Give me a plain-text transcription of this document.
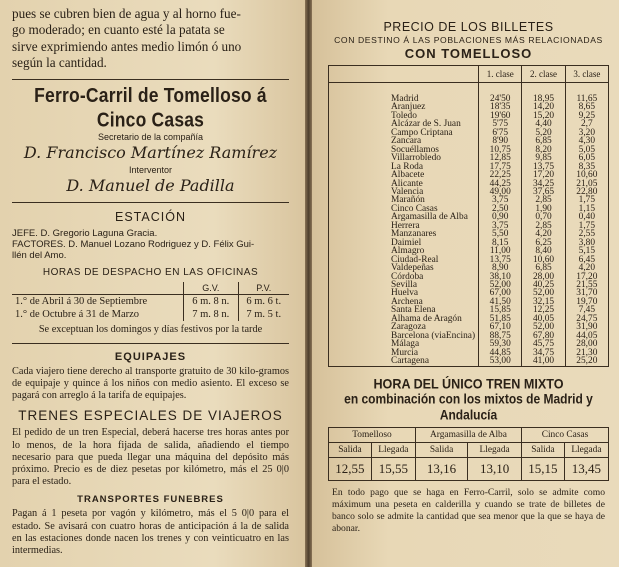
pues se cubren bien de agua y al horno fue-

go moderado; en cuanto esté la patata se

sirve exprimiendo antes medio limón ó uno

según la cantidad.

Ferro-Carril de Tomelloso á Cinco Casas

Secretario de la compañía

D. Francisco Martínez Ramírez

Interventor

D. Manuel de Padilla

ESTACIÓN

JEFE. D. Gregorio Laguna Gracia.

FACTORES. D. Manuel Lozano Rodriguez y D. Félix Gui-

llén del Amo.

HORAS DE DESPACHO EN LAS OFICINAS
	G.V.	P.V.
1.° de Abril á 30 de Septiembre	6 m. 8 n.	6 m. 6 t.
1.° de Octubre á 31 de Marzo	7 m. 8 n.	7 m. 5 t.

Se exceptuan los domingos y días festivos por la tarde

EQUIPAJES

Cada viajero tiene derecho al transporte gratuito de 30 kilo-gramos de equipaje y quince á los niños con medio asiento. El exceso se pagará con arreglo á la tarifa de equipajes.

TRENES ESPECIALES DE VIAJEROS

El pedido de un tren Especial, deberá hacerse tres horas antes por lo menos, de la hora fijada de salida, añadiendo el tiempo necesario para que pueda llegar una máquina del depósito más próximo. Precio es de diez pesetas por kilómetro, más el 25 0|0 para el estado.

TRANSPORTES FUNEBRES

Pagan á 1 peseta por vagón y kilómetro, más el 5 0|0 para el estado. Se avisará con cuatro horas de anticipación á la de salida en las estaciones donde nacen los trenes y con veinticuatro en las intermedias.

PRECIO DE LOS BILLETES

CON DESTINO Á LAS POBLACIONES MÁS RELACIONADAS

CON TOMELLOSO

	1. clase	2. clase	3. clase

Madrid	24'50	18,95	11,65
Aranjuez	18'35	14,20	8,65
Toledo	19'60	15,20	9,25
Alcázar de S. Juan	5'75	4,40	2,7
Campo Criptana	6'75	5,20	3,20
Zancara	8'90	6,85	4,30
Socuéllamos	10,75	8,20	5,05
Villarrobledo	12,85	9,85	6,05
La Roda	17,75	13,75	8,35
Albacete	22,25	17,20	10,60
Alicante	44,25	34,25	21,05
Valencia	49,00	37,65	22,80
Marañón	3,75	2,85	1,75
Cinco Casas	2,50	1,90	1,15
Argamasilla de Alba	0,90	0,70	0,40
Herrera	3,75	2,85	1,75
Manzanares	5,50	4,20	2,55
Daimiel	8,15	6,25	3,80
Almagro	11,00	8,40	5,15
Ciudad-Real	13,75	10,60	6,45
Valdepeñas	8,90	6,85	4,20
Córdoba	38,10	28,00	17,20
Sevilla	52,00	40,25	21,55
Huelva	67,00	52,00	31,70
Archena	41,50	32,15	19,70
Santa Elena	15,85	12,25	7,45
Alhama de Aragón	51,85	40,05	24,75
Zaragoza	67,10	52,00	31,90
Barcelona (viaEncina)	88,75	67,80	44,05
Málaga	59,30	45,75	28,00
Murcia	44,85	34,75	21,30
Cartagena	53,00	41,00	25,20
HORA DEL ÚNICO TREN MIXTO
en combinación con los mixtos de Madrid y Andalucía
Tomelloso		Argamasilla de Alba		Cinco Casas	
Salida	Llegada	Salida	Llegada	Salida	Llegada
12,55	15,55	13,16	13,10	15,15	13,45

En todo pago que se haga en Ferro-Carril, solo se admite como máximum una peseta en calderilla y cuando se trate de billetes de banco solo se admite la cantidad que sea menor que la que se haya de abonar.
